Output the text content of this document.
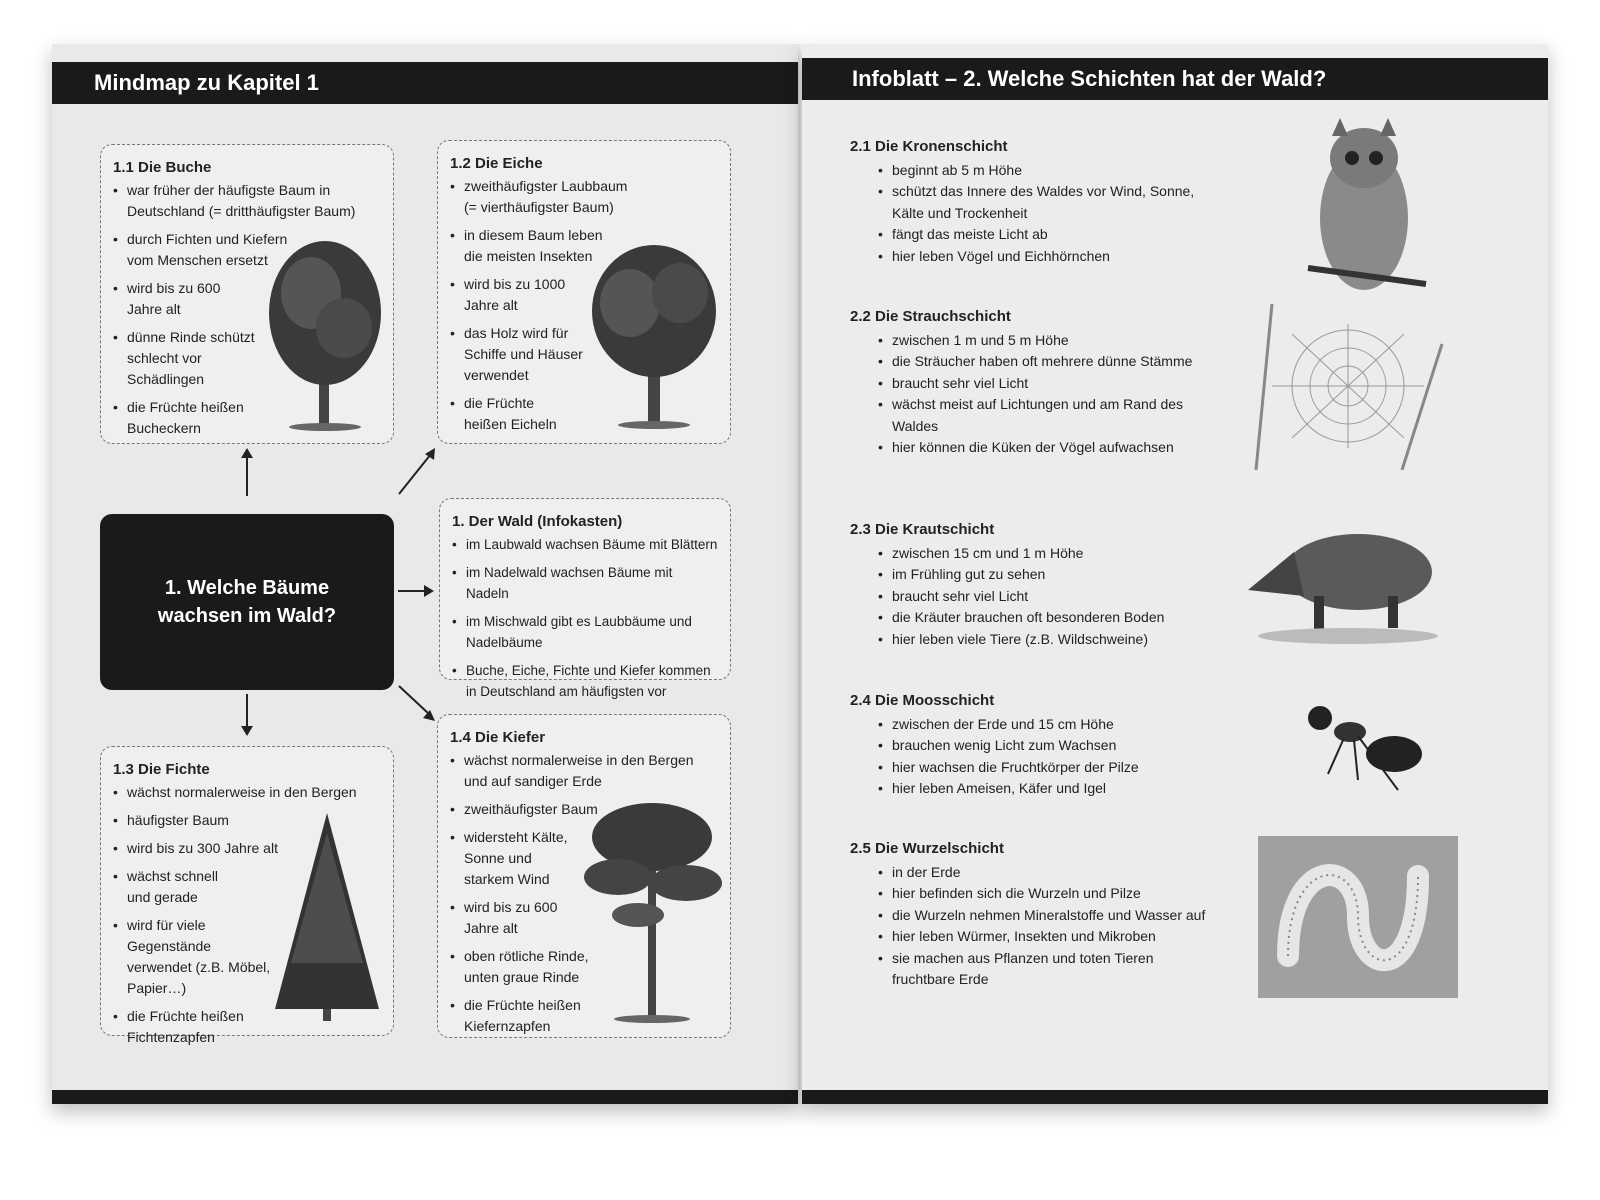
Mindmap zu Kapitel 1
1.1 Die Buche
• war früher der häufigste Baum in Deutschland (= dritthäufigster Baum)
• durch Fichten und Kiefern vom Menschen ersetzt
• wird bis zu 600 Jahre alt
• dünne Rinde schützt schlecht vor Schädlingen
• die Früchte heißen Bucheckern
1.2 Die Eiche
• zweithäufigster Laubbaum (= vierthäufigster Baum)
• in diesem Baum leben die meisten Insekten
• wird bis zu 1000 Jahre alt
• das Holz wird für Schiffe und Häuser verwendet
• die Früchte heißen Eicheln
1. Welche Bäume wachsen im Wald?
1. Der Wald (Infokasten)
• im Laubwald wachsen Bäume mit Blättern
• im Nadelwald wachsen Bäume mit Nadeln
• im Mischwald gibt es Laubbäume und Nadelbäume
• Buche, Eiche, Fichte und Kiefer kommen in Deutschland am häufigsten vor
1.3 Die Fichte
• wächst normalerweise in den Bergen
• häufigster Baum
• wird bis zu 300 Jahre alt
• wächst schnell und gerade
• wird für viele Gegenstände verwendet (z.B. Möbel, Papier…)
• die Früchte heißen Fichtenzapfen
1.4 Die Kiefer
• wächst normalerweise in den Bergen und auf sandiger Erde
• zweithäufigster Baum
• widersteht Kälte, Sonne und starkem Wind
• wird bis zu 600 Jahre alt
• oben rötliche Rinde, unten graue Rinde
• die Früchte heißen Kiefernzapfen
Infoblatt – 2. Welche Schichten hat der Wald?
2.1 Die Kronenschicht
• beginnt ab 5 m Höhe
• schützt das Innere des Waldes vor Wind, Sonne, Kälte und Trockenheit
• fängt das meiste Licht ab
• hier leben Vögel und Eichhörnchen
2.2 Die Strauchschicht
• zwischen 1 m und 5 m Höhe
• die Sträucher haben oft mehrere dünne Stämme
• braucht sehr viel Licht
• wächst meist auf Lichtungen und am Rand des Waldes
• hier können die Küken der Vögel aufwachsen
2.3 Die Krautschicht
• zwischen 15 cm und 1 m Höhe
• im Frühling gut zu sehen
• braucht sehr viel Licht
• die Kräuter brauchen oft besonderen Boden
• hier leben viele Tiere (z.B. Wildschweine)
2.4 Die Moosschicht
• zwischen der Erde und 15 cm Höhe
• brauchen wenig Licht zum Wachsen
• hier wachsen die Fruchtkörper der Pilze
• hier leben Ameisen, Käfer und Igel
2.5 Die Wurzelschicht
• in der Erde
• hier befinden sich die Wurzeln und Pilze
• die Wurzeln nehmen Mineralstoffe und Wasser auf
• hier leben Würmer, Insekten und Mikroben
• sie machen aus Pflanzen und toten Tieren fruchtbare Erde
